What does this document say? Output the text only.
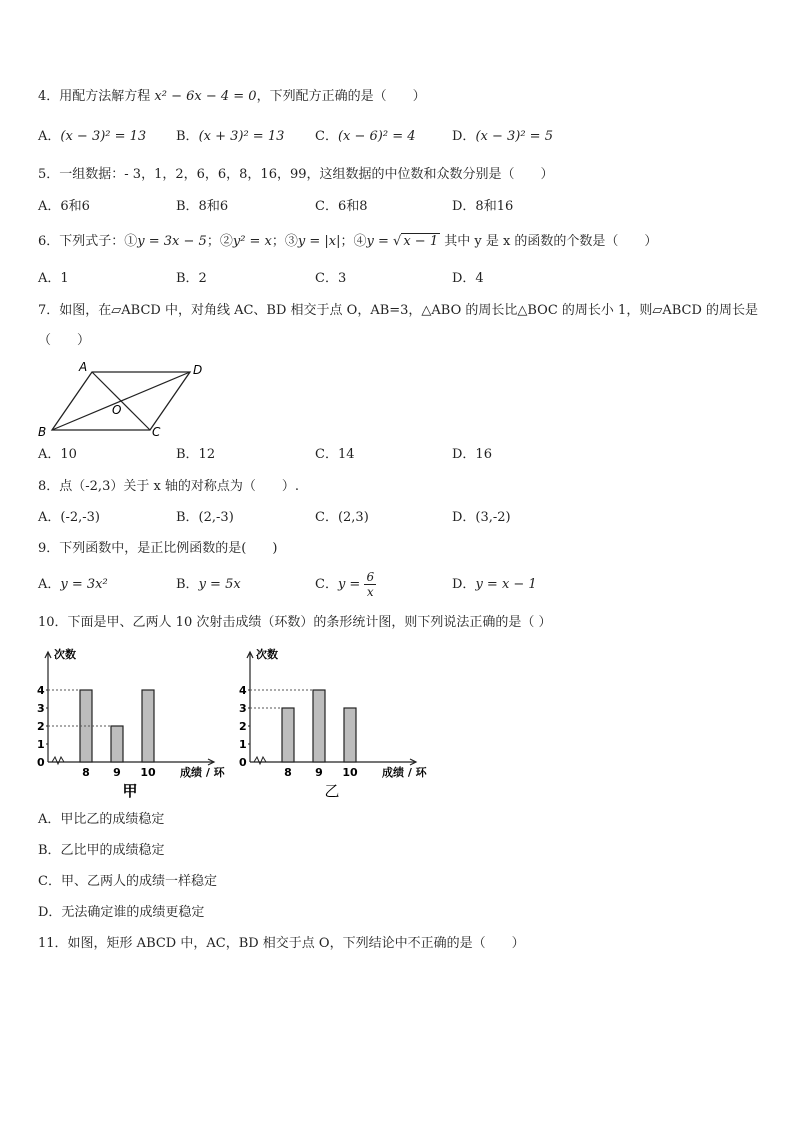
4．用配方法解方程 x² − 6x − 4 = 0，下列配方正确的是（　　）
A．(x − 3)² = 13 B．(x + 3)² = 13 C．(x − 6)² = 4	D．(x − 3)² = 5
5．一组数据：- 3，1，2，6，6，8，16，99，这组数据的中位数和众数分别是（　　）
A．6和6	B．8和6	C．6和8	D．8和16
6．下列式子：①y = 3x − 5；②y² = x；③y = |x|；④y = √ x − 1 其中 y 是 x 的函数的个数是（　　）
A．1	B．2	C．3	D．4
7．如图，在▱ABCD 中，对角线 AC、BD 相交于点 O，AB=3，△ABO 的周长比△BOC 的周长小 1，则▱ABCD 的周长是
（　　）
A	D
B	C
O
A．10	B．12	C．14	D．16
8．点（-2,3）关于 x 轴的对称点为（　　）.
A．(-2,-3)	B．(2,-3)	C．(2,3)	D．(3,-2)
9．下列函数中，是正比例函数的是(　　)
A．y = 3x²	B．y = 5x	C．$y = \frac{6}{x}$	D．y = x − 1
10．下面是甲、乙两人 10 次射击成绩（环数）的条形统计图，则下列说法正确的是（ ）
次数
0
1
2
3
4
8 9 10 成绩 / 环
甲
次数
0
1
2
3
4
8 9 10 成绩 / 环
乙
A．甲比乙的成绩稳定
B．乙比甲的成绩稳定
C．甲、乙两人的成绩一样稳定
D．无法确定谁的成绩更稳定
11．如图，矩形 ABCD 中，AC，BD 相交于点 O，下列结论中不正确的是（　　）
